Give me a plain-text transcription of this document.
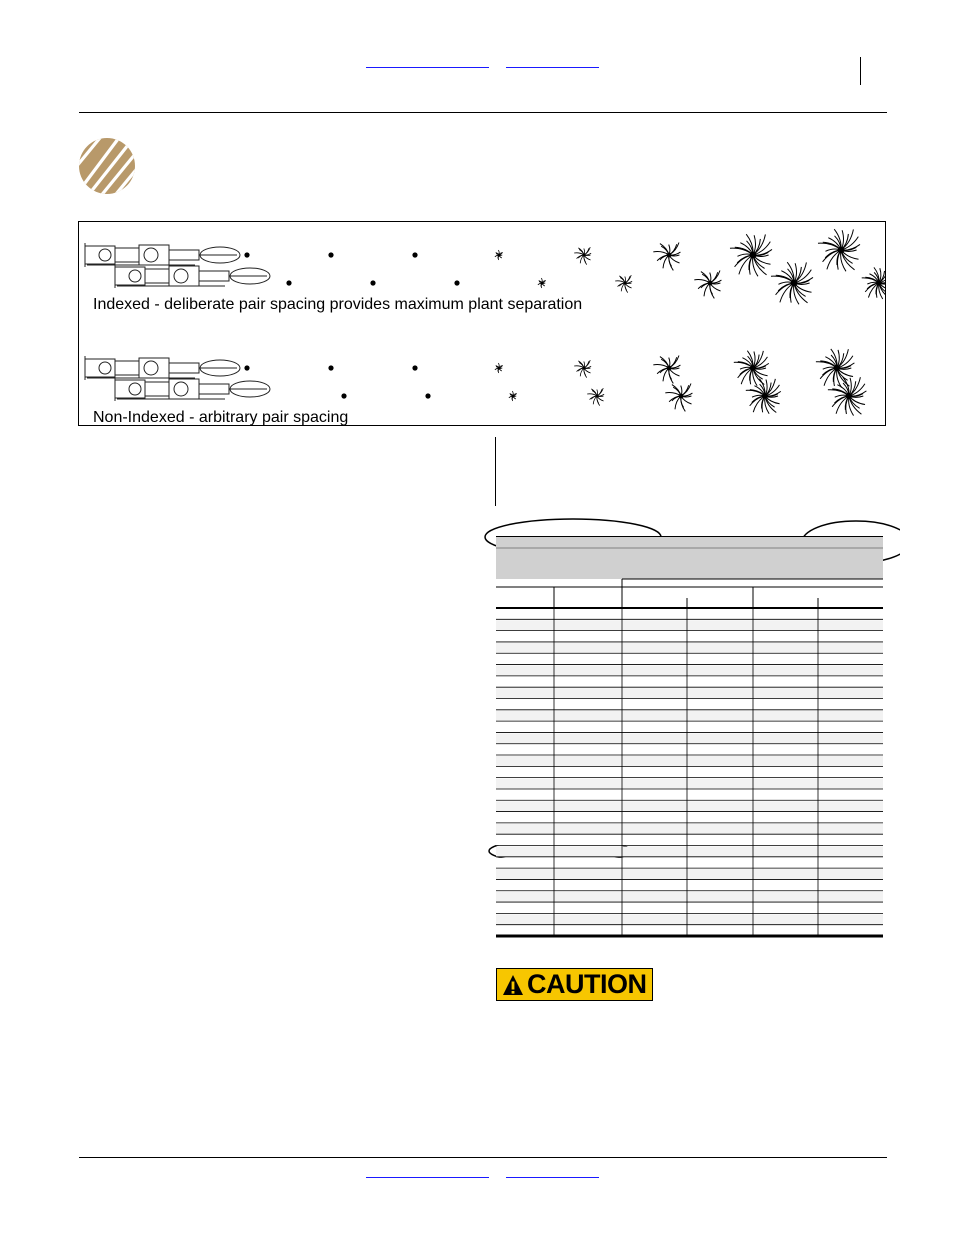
Indexed - deliberate pair spacing provides maximum plant separation
Non-Indexed - arbitrary pair spacing
CAUTION
